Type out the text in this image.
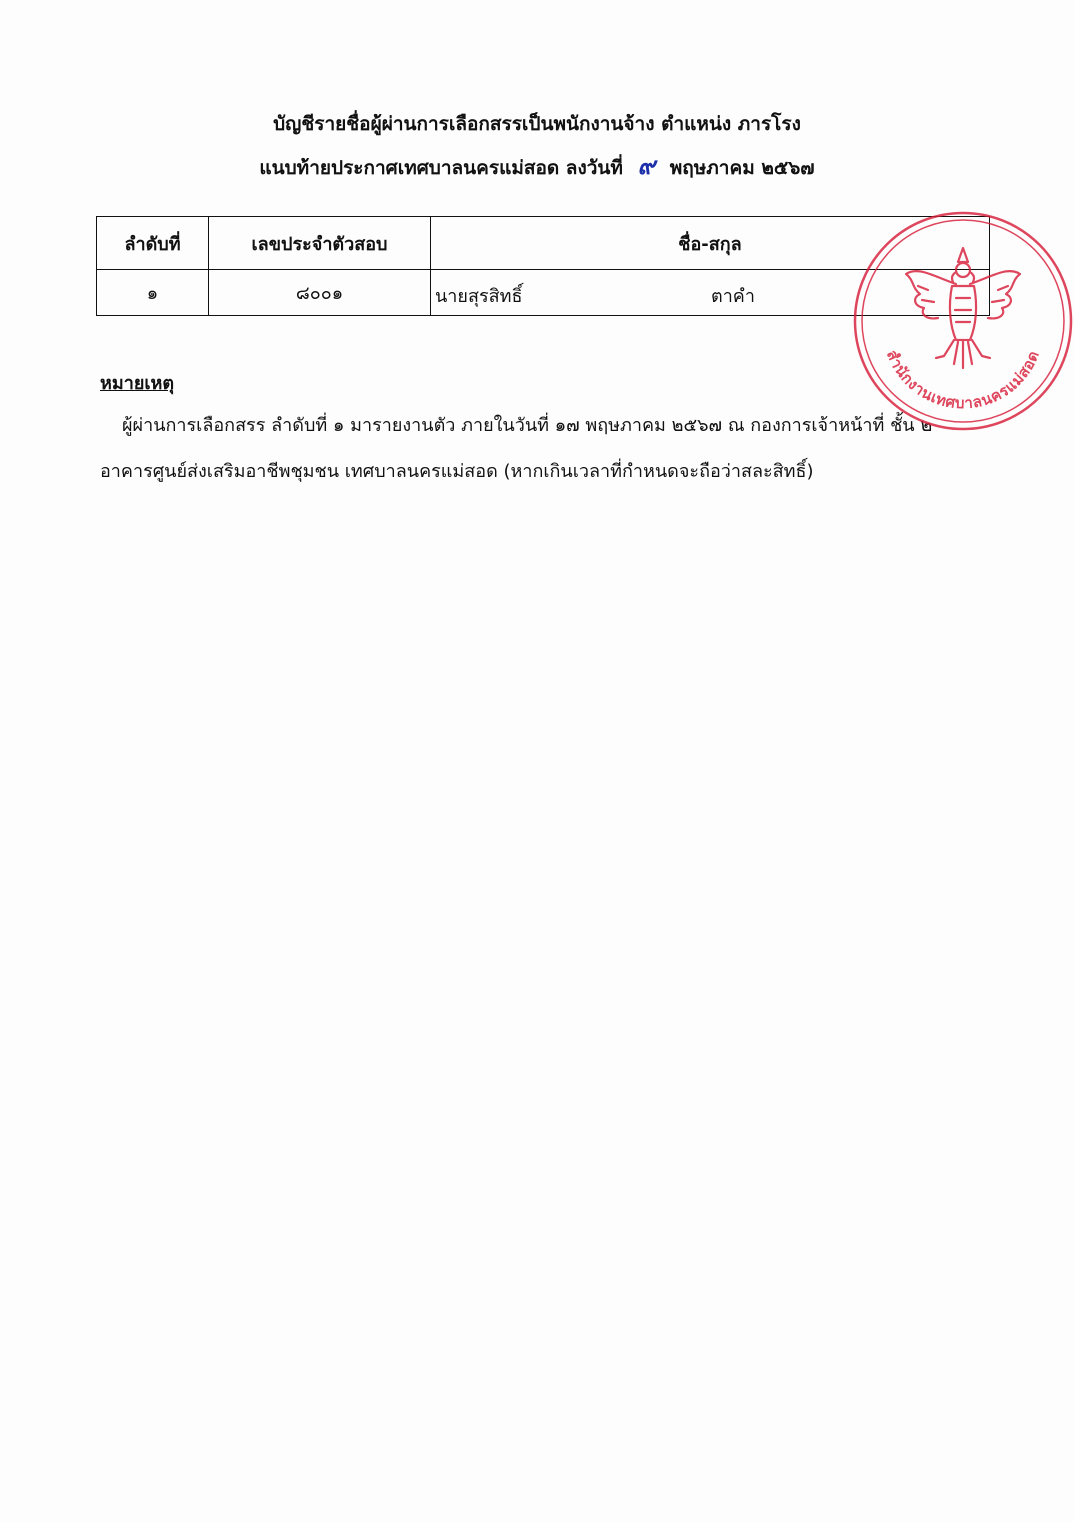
บัญชีรายชื่อผู้ผ่านการเลือกสรรเป็นพนักงานจ้าง ตำแหน่ง ภารโรง
แนบท้ายประกาศเทศบาลนครแม่สอด ลงวันที่ ๙ พฤษภาคม ๒๕๖๗
ลำดับที่	เลขประจำตัวสอบ	ชื่อ-สกุล
๑	๘๐๐๑	นายสุรสิทธิ์ ตาคำ
หมายเหตุ
ผู้ผ่านการเลือกสรร ลำดับที่ ๑ มารายงานตัว ภายในวันที่ ๑๗ พฤษภาคม ๒๕๖๗ ณ กองการเจ้าหน้าที่ ชั้น ๒
อาคารศูนย์ส่งเสริมอาชีพชุมชน เทศบาลนครแม่สอด (หากเกินเวลาที่กำหนดจะถือว่าสละสิทธิ์)
สำนักงานเทศบาลนครแม่สอด
